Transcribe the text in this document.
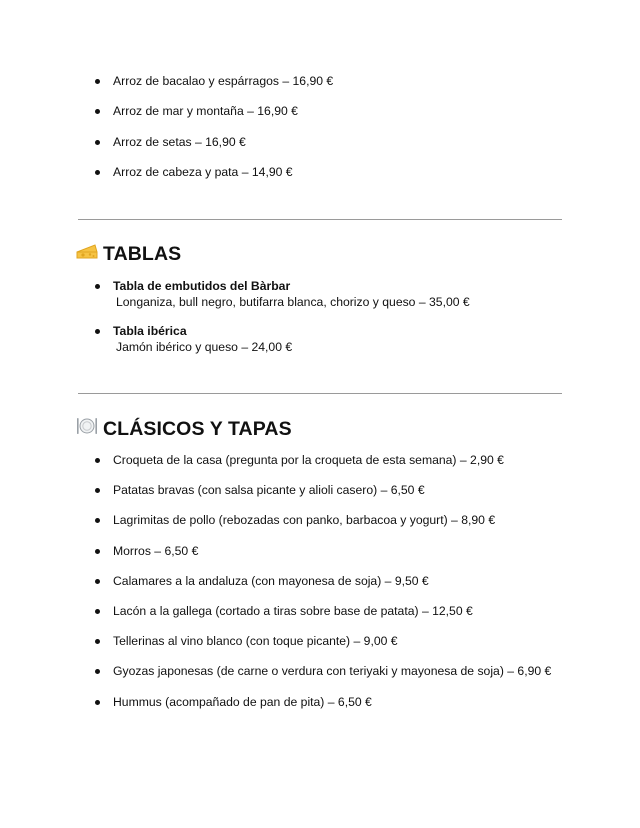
Arroz de bacalao y espárragos – 16,90 €
Arroz de mar y montaña – 16,90 €
Arroz de setas – 16,90 €
Arroz de cabeza y pata – 14,90 €
TABLAS
Tabla de embutidos del Bàrbar
Longaniza, bull negro, butifarra blanca, chorizo y queso – 35,00 €
Tabla ibérica
Jamón ibérico y queso – 24,00 €
CLÁSICOS Y TAPAS
Croqueta de la casa (pregunta por la croqueta de esta semana) – 2,90 €
Patatas bravas (con salsa picante y alioli casero) – 6,50 €
Lagrimitas de pollo (rebozadas con panko, barbacoa y yogurt) – 8,90 €
Morros – 6,50 €
Calamares a la andaluza (con mayonesa de soja) – 9,50 €
Lacón a la gallega (cortado a tiras sobre base de patata) – 12,50 €
Tellerinas al vino blanco (con toque picante) – 9,00 €
Gyozas japonesas (de carne o verdura con teriyaki y mayonesa de soja) – 6,90 €
Hummus (acompañado de pan de pita) – 6,50 €
